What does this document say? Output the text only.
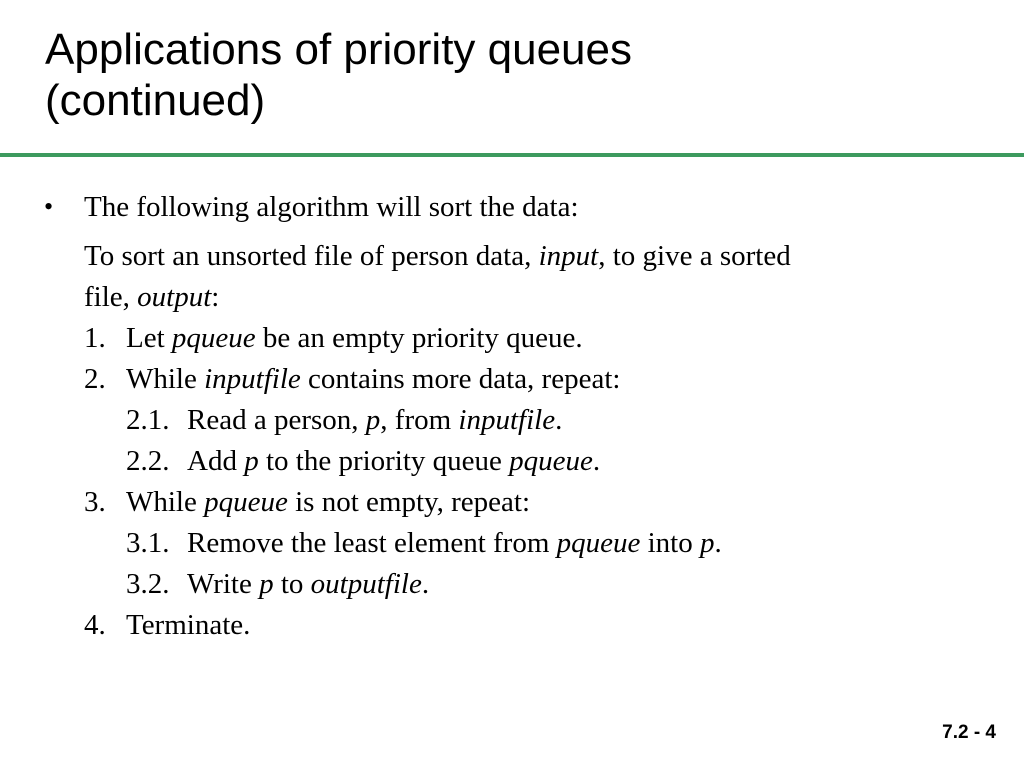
Applications of priority queues
(continued)
• The following algorithm will sort the data:
To sort an unsorted file of person data, input, to give a sorted
file, output:
1. Let pqueue be an empty priority queue.
2. While inputfile contains more data, repeat:
2.1. Read a person, p, from inputfile.
2.2. Add p to the priority queue pqueue.
3. While pqueue is not empty, repeat:
3.1. Remove the least element from pqueue into p.
3.2. Write p to outputfile.
4. Terminate.
7.2 - 4
